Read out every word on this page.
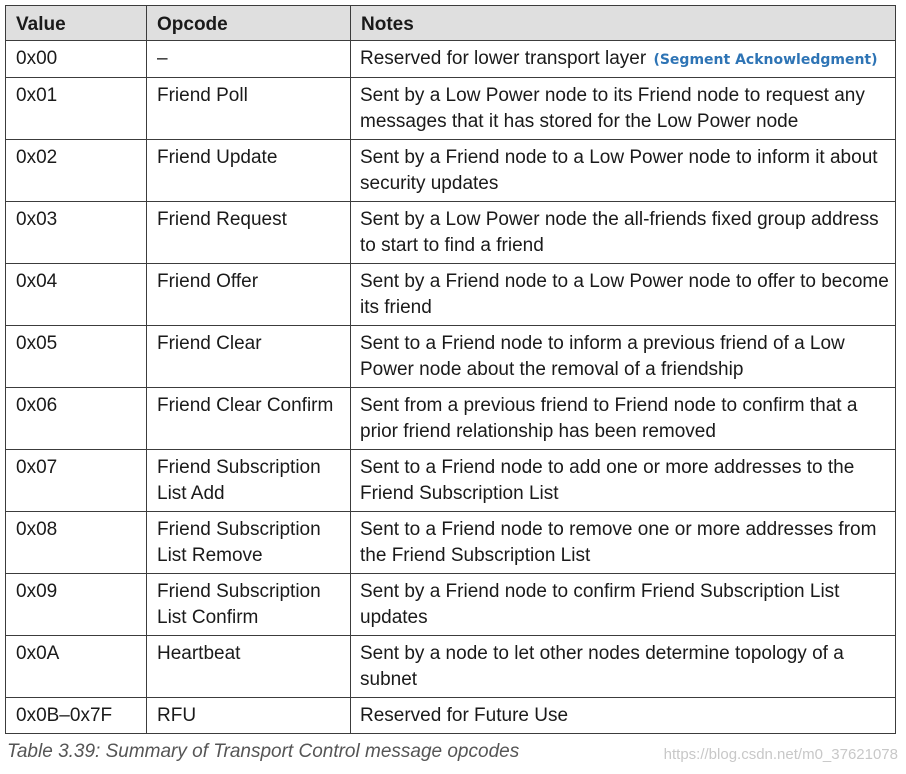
Value	Opcode	Notes
0x00	–	Reserved for lower transport layer (Segment Acknowledgment)
0x01	Friend Poll	Sent by a Low Power node to its Friend node to request any messages that it has stored for the Low Power node
0x02	Friend Update	Sent by a Friend node to a Low Power node to inform it about security updates
0x03	Friend Request	Sent by a Low Power node the all-friends fixed group address to start to find a friend
0x04	Friend Offer	Sent by a Friend node to a Low Power node to offer to become its friend
0x05	Friend Clear	Sent to a Friend node to inform a previous friend of a Low Power node about the removal of a friendship
0x06	Friend Clear Confirm	Sent from a previous friend to Friend node to confirm that a prior friend relationship has been removed
0x07	Friend Subscription List Add	Sent to a Friend node to add one or more addresses to the Friend Subscription List
0x08	Friend Subscription List Remove	Sent to a Friend node to remove one or more addresses from the Friend Subscription List
0x09	Friend Subscription List Confirm	Sent by a Friend node to confirm Friend Subscription List updates
0x0A	Heartbeat	Sent by a node to let other nodes determine topology of a subnet
0x0B–0x7F	RFU	Reserved for Future Use
Table 3.39: Summary of Transport Control message opcodes	https://blog.csdn.net/m0_37621078
